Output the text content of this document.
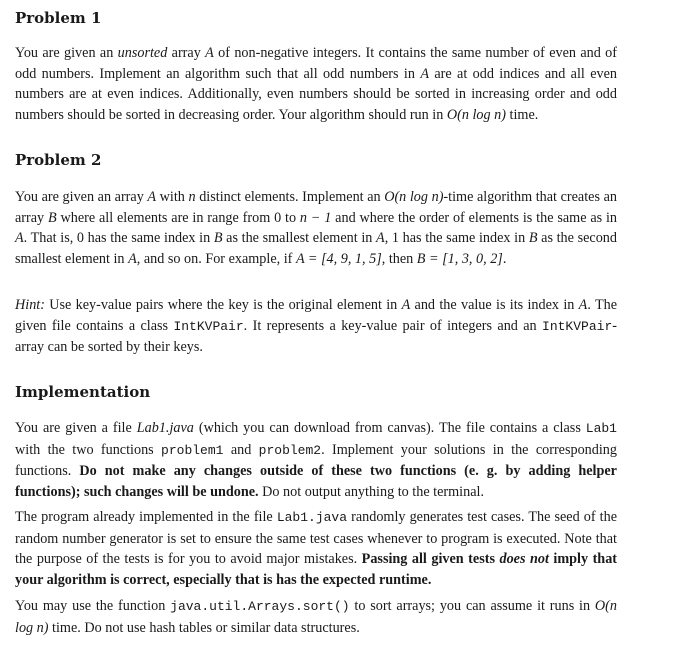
Problem 1

You are given an unsorted array A of non-negative integers. It contains the same number of even and of odd numbers. Implement an algorithm such that all odd numbers in A are at odd indices and all even numbers are at even indices. Additionally, even numbers should be sorted in increasing order and odd numbers should be sorted in decreasing order. Your algorithm should run in O(n log n) time.

Problem 2

You are given an array A with n distinct elements. Implement an O(n log n)-time algorithm that creates an array B where all elements are in range from 0 to n − 1 and where the order of elements is the same as in A. That is, 0 has the same index in B as the smallest element in A, 1 has the same index in B as the second smallest element in A, and so on. For example, if A = [4, 9, 1, 5], then B = [1, 3, 0, 2].

Hint: Use key-value pairs where the key is the original element in A and the value is its index in A. The given file contains a class IntKVPair. It represents a key-value pair of integers and an IntKVPair-array can be sorted by their keys.

Implementation

You are given a file Lab1.java (which you can download from canvas). The file contains a class Lab1 with the two functions problem1 and problem2. Implement your solutions in the corresponding functions. Do not make any changes outside of these two functions (e. g. by adding helper functions); such changes will be undone. Do not output anything to the terminal.

The program already implemented in the file Lab1.java randomly generates test cases. The seed of the random number generator is set to ensure the same test cases whenever to program is executed. Note that the purpose of the tests is for you to avoid major mistakes. Passing all given tests does not imply that your algorithm is correct, especially that is has the expected runtime.

You may use the function java.util.Arrays.sort() to sort arrays; you can assume it runs in O(n log n) time. Do not use hash tables or similar data structures.
